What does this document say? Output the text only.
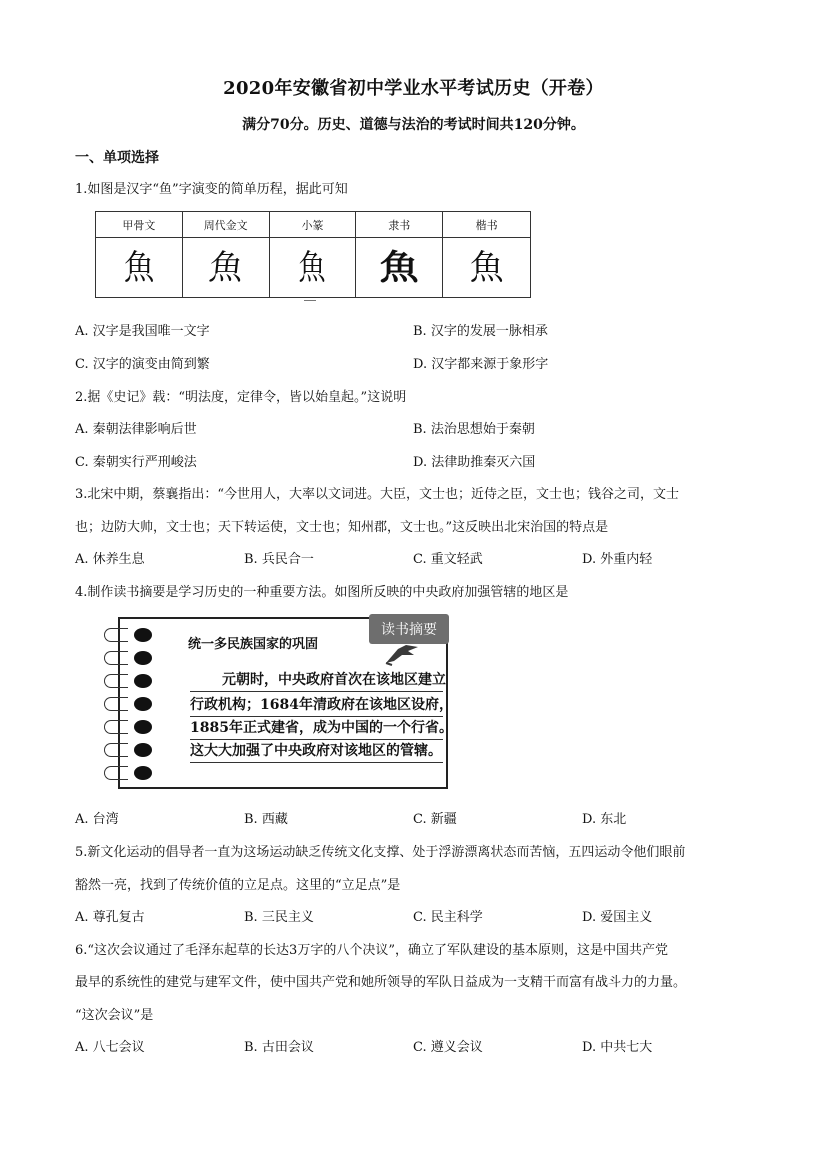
2020年安徽省初中学业水平考试历史（开卷）
满分70分。历史、道德与法治的考试时间共120分钟。
一、单项选择
1.如图是汉字“鱼”字演变的简单历程，据此可知
甲骨文	周代金文	小篆	隶书	楷书
魚 魚 魚 魚 魚
A. 汉字是我国唯一文字	B. 汉字的发展一脉相承
C. 汉字的演变由简到繁	D. 汉字都来源于象形字
2.据《史记》载：“明法度，定律令，皆以始皇起。”这说明
A. 秦朝法律影响后世	B. 法治思想始于秦朝
C. 秦朝实行严刑峻法	D. 法律助推秦灭六国
3.北宋中期，蔡襄指出：“今世用人，大率以文词进。大臣，文士也；近侍之臣，文士也；钱谷之司，文士
也；边防大帅，文士也；天下转运使，文士也；知州郡，文士也。”这反映出北宋治国的特点是
A. 休养生息	B. 兵民合一	C. 重文轻武	D. 外重内轻
4.制作读书摘要是学习历史的一种重要方法。如图所反映的中央政府加强管辖的地区是
读书摘要
统一多民族国家的巩固
元朝时，中央政府首次在该地区建立
行政机构；1684年清政府在该地区设府，
1885年正式建省，成为中国的一个行省。
这大大加强了中央政府对该地区的管辖。
A. 台湾	B. 西藏	C. 新疆	D. 东北
5.新文化运动的倡导者一直为这场运动缺乏传统文化支撑、处于浮游漂离状态而苦恼，五四运动令他们眼前
豁然一亮，找到了传统价值的立足点。这里的“立足点”是
A. 尊孔复古	B. 三民主义	C. 民主科学	D. 爱国主义
6.“这次会议通过了毛泽东起草的长达3万字的八个决议”，确立了军队建设的基本原则，这是中国共产党
最早的系统性的建党与建军文件，使中国共产党和她所领导的军队日益成为一支精干而富有战斗力的力量。
“这次会议”是
A. 八七会议	B. 古田会议	C. 遵义会议	D. 中共七大
